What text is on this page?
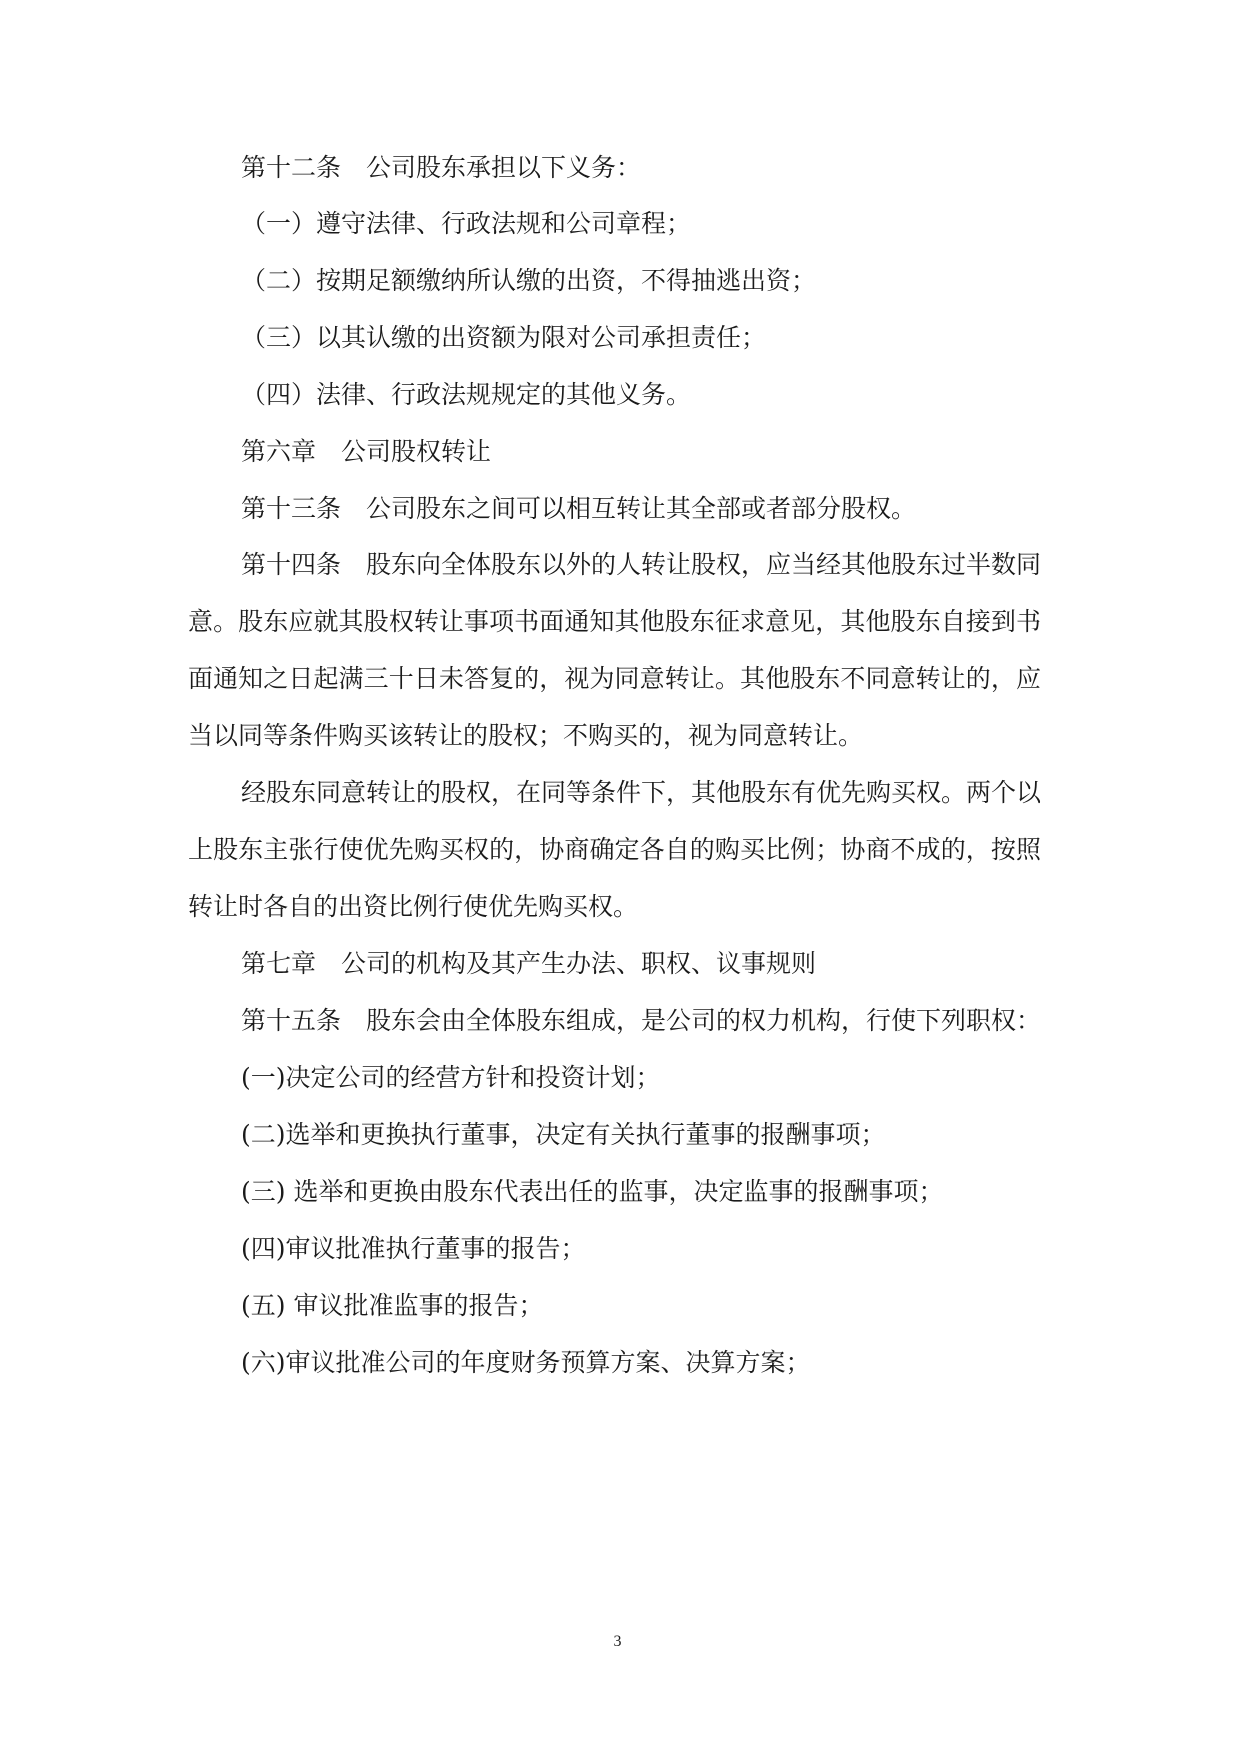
第十二条　公司股东承担以下义务：

（一）遵守法律、行政法规和公司章程；

（二）按期足额缴纳所认缴的出资，不得抽逃出资；

（三）以其认缴的出资额为限对公司承担责任；

（四）法律、行政法规规定的其他义务。

第六章　公司股权转让

第十三条　公司股东之间可以相互转让其全部或者部分股权。

第十四条　股东向全体股东以外的人转让股权，应当经其他股东过半数同

意。股东应就其股权转让事项书面通知其他股东征求意见，其他股东自接到书

面通知之日起满三十日未答复的，视为同意转让。其他股东不同意转让的，应

当以同等条件购买该转让的股权；不购买的，视为同意转让。

经股东同意转让的股权，在同等条件下，其他股东有优先购买权。两个以

上股东主张行使优先购买权的，协商确定各自的购买比例；协商不成的，按照

转让时各自的出资比例行使优先购买权。

第七章　公司的机构及其产生办法、职权、议事规则

第十五条　股东会由全体股东组成，是公司的权力机构，行使下列职权：

(一)决定公司的经营方针和投资计划；

(二)选举和更换执行董事，决定有关执行董事的报酬事项；

(三) 选举和更换由股东代表出任的监事，决定监事的报酬事项；

(四)审议批准执行董事的报告；

(五) 审议批准监事的报告；

(六)审议批准公司的年度财务预算方案、决算方案；

3
